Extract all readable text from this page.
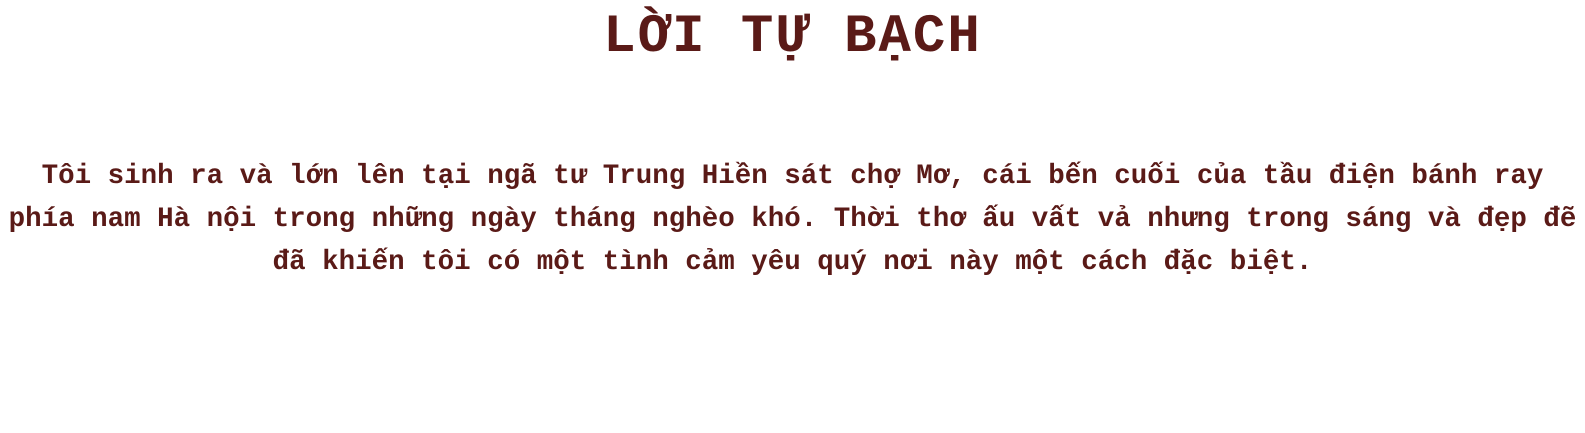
LỜI TỰ BẠCH

Tôi sinh ra và lớn lên tại ngã tư Trung Hiền sát chợ Mơ, cái bến cuối của tầu điện bánh ray phía nam Hà nội trong những ngày tháng nghèo khó. Thời thơ ấu vất vả nhưng trong sáng và đẹp đẽ đã khiến tôi có một tình cảm yêu quý nơi này một cách đặc biệt.
